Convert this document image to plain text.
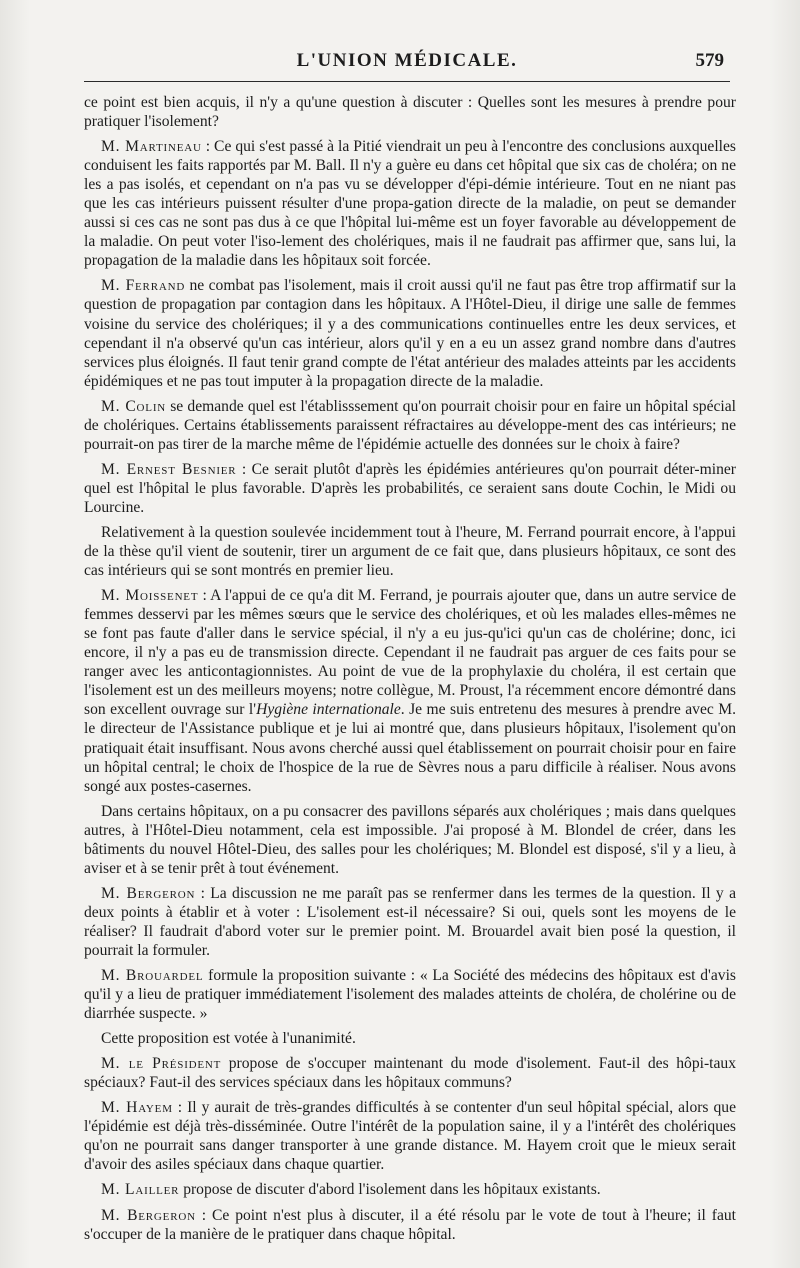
L'UNION MÉDICALE.	579

ce point est bien acquis, il n'y a qu'une question à discuter : Quelles sont les mesures à prendre pour pratiquer l'isolement?

M. Martineau : Ce qui s'est passé à la Pitié viendrait un peu à l'encontre des conclusions auxquelles conduisent les faits rapportés par M. Ball. Il n'y a guère eu dans cet hôpital que six cas de choléra; on ne les a pas isolés, et cependant on n'a pas vu se développer d'épi-démie intérieure. Tout en ne niant pas que les cas intérieurs puissent résulter d'une propa-gation directe de la maladie, on peut se demander aussi si ces cas ne sont pas dus à ce que l'hôpital lui-même est un foyer favorable au développement de la maladie. On peut voter l'iso-lement des cholériques, mais il ne faudrait pas affirmer que, sans lui, la propagation de la maladie dans les hôpitaux soit forcée.

M. Ferrand ne combat pas l'isolement, mais il croit aussi qu'il ne faut pas être trop affirmatif sur la question de propagation par contagion dans les hôpitaux. A l'Hôtel-Dieu, il dirige une salle de femmes voisine du service des cholériques; il y a des communications continuelles entre les deux services, et cependant il n'a observé qu'un cas intérieur, alors qu'il y en a eu un assez grand nombre dans d'autres services plus éloignés. Il faut tenir grand compte de l'état antérieur des malades atteints par les accidents épidémiques et ne pas tout imputer à la propagation directe de la maladie.

M. Colin se demande quel est l'établisssement qu'on pourrait choisir pour en faire un hôpital spécial de cholériques. Certains établissements paraissent réfractaires au développe-ment des cas intérieurs; ne pourrait-on pas tirer de la marche même de l'épidémie actuelle des données sur le choix à faire?

M. Ernest Besnier : Ce serait plutôt d'après les épidémies antérieures qu'on pourrait déter-miner quel est l'hôpital le plus favorable. D'après les probabilités, ce seraient sans doute Cochin, le Midi ou Lourcine.

Relativement à la question soulevée incidemment tout à l'heure, M. Ferrand pourrait encore, à l'appui de la thèse qu'il vient de soutenir, tirer un argument de ce fait que, dans plusieurs hôpitaux, ce sont des cas intérieurs qui se sont montrés en premier lieu.

M. Moissenet : A l'appui de ce qu'a dit M. Ferrand, je pourrais ajouter que, dans un autre service de femmes desservi par les mêmes sœurs que le service des cholériques, et où les malades elles-mêmes ne se font pas faute d'aller dans le service spécial, il n'y a eu jus-qu'ici qu'un cas de cholérine; donc, ici encore, il n'y a pas eu de transmission directe. Cependant il ne faudrait pas arguer de ces faits pour se ranger avec les anticontagionnistes. Au point de vue de la prophylaxie du choléra, il est certain que l'isolement est un des meilleurs moyens; notre collègue, M. Proust, l'a récemment encore démontré dans son excellent ouvrage sur l'Hygiène internationale. Je me suis entretenu des mesures à prendre avec M. le directeur de l'Assistance publique et je lui ai montré que, dans plusieurs hôpitaux, l'isolement qu'on pratiquait était insuffisant. Nous avons cherché aussi quel établissement on pourrait choisir pour en faire un hôpital central; le choix de l'hospice de la rue de Sèvres nous a paru difficile à réaliser. Nous avons songé aux postes-casernes.

Dans certains hôpitaux, on a pu consacrer des pavillons séparés aux cholériques ; mais dans quelques autres, à l'Hôtel-Dieu notamment, cela est impossible. J'ai proposé à M. Blondel de créer, dans les bâtiments du nouvel Hôtel-Dieu, des salles pour les cholériques; M. Blondel est disposé, s'il y a lieu, à aviser et à se tenir prêt à tout événement.

M. Bergeron : La discussion ne me paraît pas se renfermer dans les termes de la question. Il y a deux points à établir et à voter : L'isolement est-il nécessaire? Si oui, quels sont les moyens de le réaliser? Il faudrait d'abord voter sur le premier point. M. Brouardel avait bien posé la question, il pourrait la formuler.

M. Brouardel formule la proposition suivante : « La Société des médecins des hôpitaux est d'avis qu'il y a lieu de pratiquer immédiatement l'isolement des malades atteints de choléra, de cholérine ou de diarrhée suspecte. »

Cette proposition est votée à l'unanimité.

M. le Président propose de s'occuper maintenant du mode d'isolement. Faut-il des hôpi-taux spéciaux? Faut-il des services spéciaux dans les hôpitaux communs?

M. Hayem : Il y aurait de très-grandes difficultés à se contenter d'un seul hôpital spécial, alors que l'épidémie est déjà très-disséminée. Outre l'intérêt de la population saine, il y a l'intérêt des cholériques qu'on ne pourrait sans danger transporter à une grande distance. M. Hayem croit que le mieux serait d'avoir des asiles spéciaux dans chaque quartier.

M. Lailler propose de discuter d'abord l'isolement dans les hôpitaux existants.

M. Bergeron : Ce point n'est plus à discuter, il a été résolu par le vote de tout à l'heure; il faut s'occuper de la manière de le pratiquer dans chaque hôpital.
